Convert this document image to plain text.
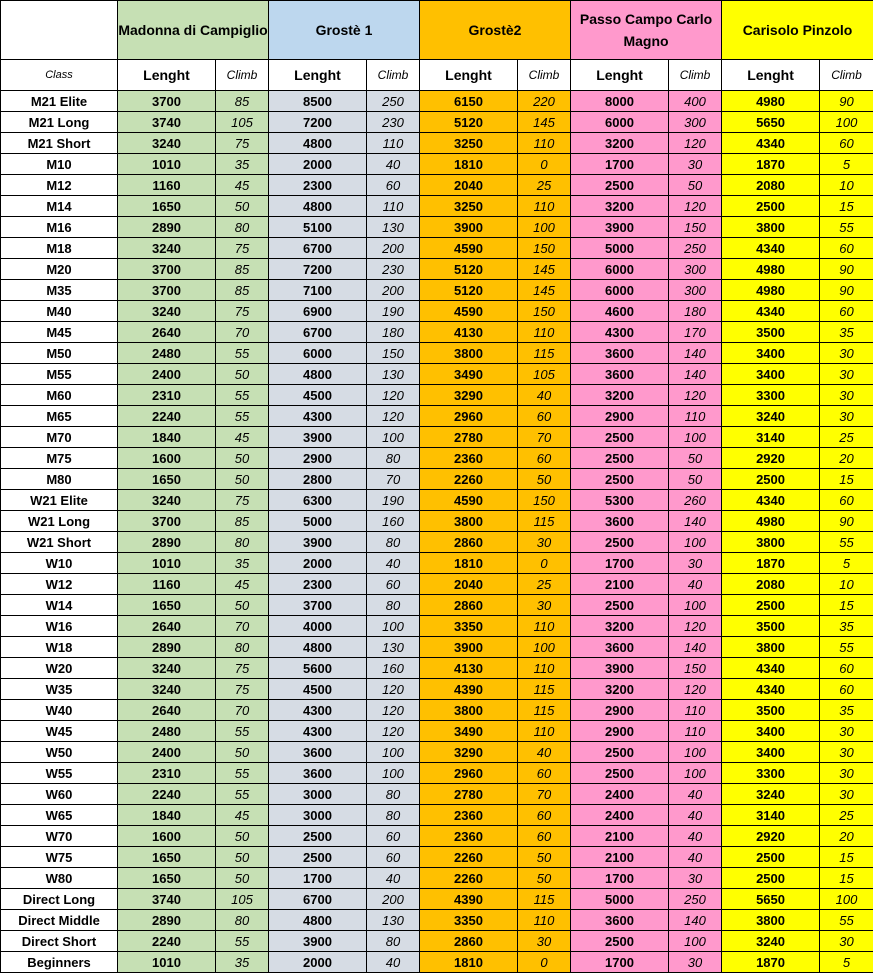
	Madonna di Campiglio		Grostè 1		Grostè2		Passo Campo Carlo Magno		Carisolo Pinzolo	
Class	Lenght	Climb	Lenght	Climb	Lenght	Climb	Lenght	Climb	Lenght	Climb
M21 Elite	3700	85	8500	250	6150	220	8000	400	4980	90
M21 Long	3740	105	7200	230	5120	145	6000	300	5650	100
M21 Short	3240	75	4800	110	3250	110	3200	120	4340	60
M10	1010	35	2000	40	1810	0	1700	30	1870	5
M12	1160	45	2300	60	2040	25	2500	50	2080	10
M14	1650	50	4800	110	3250	110	3200	120	2500	15
M16	2890	80	5100	130	3900	100	3900	150	3800	55
M18	3240	75	6700	200	4590	150	5000	250	4340	60
M20	3700	85	7200	230	5120	145	6000	300	4980	90
M35	3700	85	7100	200	5120	145	6000	300	4980	90
M40	3240	75	6900	190	4590	150	4600	180	4340	60
M45	2640	70	6700	180	4130	110	4300	170	3500	35
M50	2480	55	6000	150	3800	115	3600	140	3400	30
M55	2400	50	4800	130	3490	105	3600	140	3400	30
M60	2310	55	4500	120	3290	40	3200	120	3300	30
M65	2240	55	4300	120	2960	60	2900	110	3240	30
M70	1840	45	3900	100	2780	70	2500	100	3140	25
M75	1600	50	2900	80	2360	60	2500	50	2920	20
M80	1650	50	2800	70	2260	50	2500	50	2500	15
W21 Elite	3240	75	6300	190	4590	150	5300	260	4340	60
W21 Long	3700	85	5000	160	3800	115	3600	140	4980	90
W21 Short	2890	80	3900	80	2860	30	2500	100	3800	55
W10	1010	35	2000	40	1810	0	1700	30	1870	5
W12	1160	45	2300	60	2040	25	2100	40	2080	10
W14	1650	50	3700	80	2860	30	2500	100	2500	15
W16	2640	70	4000	100	3350	110	3200	120	3500	35
W18	2890	80	4800	130	3900	100	3600	140	3800	55
W20	3240	75	5600	160	4130	110	3900	150	4340	60
W35	3240	75	4500	120	4390	115	3200	120	4340	60
W40	2640	70	4300	120	3800	115	2900	110	3500	35
W45	2480	55	4300	120	3490	110	2900	110	3400	30
W50	2400	50	3600	100	3290	40	2500	100	3400	30
W55	2310	55	3600	100	2960	60	2500	100	3300	30
W60	2240	55	3000	80	2780	70	2400	40	3240	30
W65	1840	45	3000	80	2360	60	2400	40	3140	25
W70	1600	50	2500	60	2360	60	2100	40	2920	20
W75	1650	50	2500	60	2260	50	2100	40	2500	15
W80	1650	50	1700	40	2260	50	1700	30	2500	15
Direct Long	3740	105	6700	200	4390	115	5000	250	5650	100
Direct Middle	2890	80	4800	130	3350	110	3600	140	3800	55
Direct Short	2240	55	3900	80	2860	30	2500	100	3240	30
Beginners	1010	35	2000	40	1810	0	1700	30	1870	5
